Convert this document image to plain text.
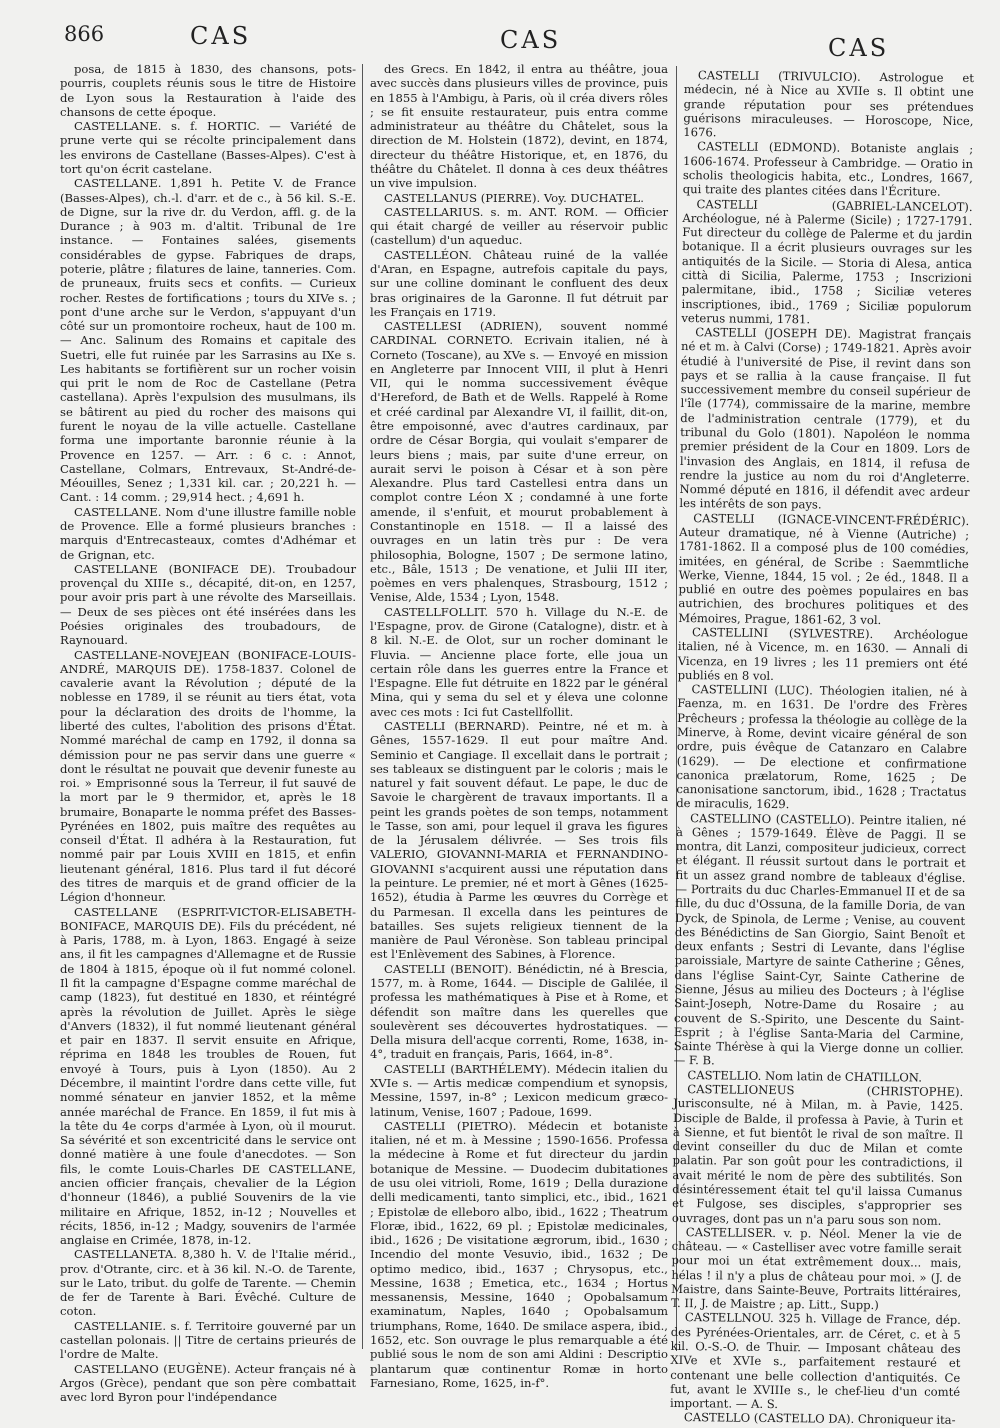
866	CAS	CAS	CAS

posa, de 1815 à 1830, des chansons, pots-pourris, couplets réunis sous le titre de Histoire de Lyon sous la Restauration à l'aide des chansons de cette époque.

CASTELLANE. s. f. HORTIC. — Variété de prune verte qui se récolte principalement dans les environs de Castellane (Basses-Alpes). C'est à tort qu'on écrit castelane.

CASTELLANE. 1,891 h. Petite V. de France (Basses-Alpes), ch.-l. d'arr. et de c., à 56 kil. S.-E. de Digne, sur la rive dr. du Verdon, affl. g. de la Durance ; à 903 m. d'altit. Tribunal de 1re instance. — Fontaines salées, gisements considérables de gypse. Fabriques de draps, poterie, plâtre ; filatures de laine, tanneries. Com. de pruneaux, fruits secs et confits. — Curieux rocher. Restes de fortifications ; tours du XIVe s. ; pont d'une arche sur le Verdon, s'appuyant d'un côté sur un promontoire rocheux, haut de 100 m. — Anc. Salinum des Romains et capitale des Suetri, elle fut ruinée par les Sarrasins au IXe s. Les habitants se fortifièrent sur un rocher voisin qui prit le nom de Roc de Castellane (Petra castellana). Après l'expulsion des musulmans, ils se bâtirent au pied du rocher des maisons qui furent le noyau de la ville actuelle. Castellane forma une importante baronnie réunie à la Provence en 1257. — Arr. : 6 c. : Annot, Castellane, Colmars, Entrevaux, St-André-de-Méouilles, Senez ; 1,331 kil. car. ; 20,221 h. — Cant. : 14 comm. ; 29,914 hect. ; 4,691 h.

CASTELLANE. Nom d'une illustre famille noble de Provence. Elle a formé plusieurs branches : marquis d'Entrecasteaux, comtes d'Adhémar et de Grignan, etc.

CASTELLANE (BONIFACE DE). Troubadour provençal du XIIIe s., décapité, dit-on, en 1257, pour avoir pris part à une révolte des Marseillais. — Deux de ses pièces ont été insérées dans les Poésies originales des troubadours, de Raynouard.

CASTELLANE-NOVEJEAN (BONIFACE-LOUIS-ANDRÉ, MARQUIS DE). 1758-1837. Colonel de cavalerie avant la Révolution ; député de la noblesse en 1789, il se réunit au tiers état, vota pour la déclaration des droits de l'homme, la liberté des cultes, l'abolition des prisons d'État. Nommé maréchal de camp en 1792, il donna sa démission pour ne pas servir dans une guerre « dont le résultat ne pouvait que devenir funeste au roi. » Emprisonné sous la Terreur, il fut sauvé de la mort par le 9 thermidor, et, après le 18 brumaire, Bonaparte le nomma préfet des Basses-Pyrénées en 1802, puis maître des requêtes au conseil d'État. Il adhéra à la Restauration, fut nommé pair par Louis XVIII en 1815, et enfin lieutenant général, 1816. Plus tard il fut décoré des titres de marquis et de grand officier de la Légion d'honneur.

CASTELLANE (ESPRIT-VICTOR-ELISABETH-BONIFACE, MARQUIS DE). Fils du précédent, né à Paris, 1788, m. à Lyon, 1863. Engagé à seize ans, il fit les campagnes d'Allemagne et de Russie de 1804 à 1815, époque où il fut nommé colonel. Il fit la campagne d'Espagne comme maréchal de camp (1823), fut destitué en 1830, et réintégré après la révolution de Juillet. Après le siège d'Anvers (1832), il fut nommé lieutenant général et pair en 1837. Il servit ensuite en Afrique, réprima en 1848 les troubles de Rouen, fut envoyé à Tours, puis à Lyon (1850). Au 2 Décembre, il maintint l'ordre dans cette ville, fut nommé sénateur en janvier 1852, et la même année maréchal de France. En 1859, il fut mis à la tête du 4e corps d'armée à Lyon, où il mourut. Sa sévérité et son excentricité dans le service ont donné matière à une foule d'anecdotes. — Son fils, le comte Louis-Charles DE CASTELLANE, ancien officier français, chevalier de la Légion d'honneur (1846), a publié Souvenirs de la vie militaire en Afrique, 1852, in-12 ; Nouvelles et récits, 1856, in-12 ; Madgy, souvenirs de l'armée anglaise en Crimée, 1878, in-12.

CASTELLANETA. 8,380 h. V. de l'Italie mérid., prov. d'Otrante, circ. et à 36 kil. N.-O. de Tarente, sur le Lato, tribut. du golfe de Tarente. — Chemin de fer de Tarente à Bari. Évêché. Culture de coton.

CASTELLANIE. s. f. Territoire gouverné par un castellan polonais. || Titre de certains prieurés de l'ordre de Malte.

CASTELLANO (EUGÈNE). Acteur français né à Argos (Grèce), pendant que son père combattait avec lord Byron pour l'indépendance

des Grecs. En 1842, il entra au théâtre, joua avec succès dans plusieurs villes de province, puis en 1855 à l'Ambigu, à Paris, où il créa divers rôles ; se fit ensuite restaurateur, puis entra comme administrateur au théâtre du Châtelet, sous la direction de M. Holstein (1872), devint, en 1874, directeur du théâtre Historique, et, en 1876, du théâtre du Châtelet. Il donna à ces deux théâtres un vive impulsion.

CASTELLANUS (PIERRE). Voy. DUCHATEL.

CASTELLARIUS. s. m. ANT. ROM. — Officier qui était chargé de veiller au réservoir public (castellum) d'un aqueduc.

CASTELLÉON. Château ruiné de la vallée d'Aran, en Espagne, autrefois capitale du pays, sur une colline dominant le confluent des deux bras originaires de la Garonne. Il fut détruit par les Français en 1719.

CASTELLESI (ADRIEN), souvent nommé CARDINAL CORNETO. Ecrivain italien, né à Corneto (Toscane), au XVe s. — Envoyé en mission en Angleterre par Innocent VIII, il plut à Henri VII, qui le nomma successivement évêque d'Hereford, de Bath et de Wells. Rappelé à Rome et créé cardinal par Alexandre VI, il faillit, dit-on, être empoisonné, avec d'autres cardinaux, par ordre de César Borgia, qui voulait s'emparer de leurs biens ; mais, par suite d'une erreur, on aurait servi le poison à César et à son père Alexandre. Plus tard Castellesi entra dans un complot contre Léon X ; condamné à une forte amende, il s'enfuit, et mourut probablement à Constantinople en 1518. — Il a laissé des ouvrages en un latin très pur : De vera philosophia, Bologne, 1507 ; De sermone latino, etc., Bâle, 1513 ; De venatione, et Julii III iter, poèmes en vers phalenques, Strasbourg, 1512 ; Venise, Alde, 1534 ; Lyon, 1548.

CASTELLFOLLIT. 570 h. Village du N.-E. de l'Espagne, prov. de Girone (Catalogne), distr. et à 8 kil. N.-E. de Olot, sur un rocher dominant le Fluvia. — Ancienne place forte, elle joua un certain rôle dans les guerres entre la France et l'Espagne. Elle fut détruite en 1822 par le général Mina, qui y sema du sel et y éleva une colonne avec ces mots : Ici fut Castellfollit.

CASTELLI (BERNARD). Peintre, né et m. à Gênes, 1557-1629. Il eut pour maître And. Seminio et Cangiage. Il excellait dans le portrait ; ses tableaux se distinguent par le coloris ; mais le naturel y fait souvent défaut. Le pape, le duc de Savoie le chargèrent de travaux importants. Il a peint les grands poètes de son temps, notamment le Tasse, son ami, pour lequel il grava les figures de la Jérusalem délivrée. — Ses trois fils VALERIO, GIOVANNI-MARIA et FERNANDINO-GIOVANNI s'acquirent aussi une réputation dans la peinture. Le premier, né et mort à Gênes (1625-1652), étudia à Parme les œuvres du Corrège et du Parmesan. Il excella dans les peintures de batailles. Ses sujets religieux tiennent de la manière de Paul Véronèse. Son tableau principal est l'Enlèvement des Sabines, à Florence.

CASTELLI (BENOIT). Bénédictin, né à Brescia, 1577, m. à Rome, 1644. — Disciple de Galilée, il professa les mathématiques à Pise et à Rome, et défendit son maître dans les querelles que soulevèrent ses découvertes hydrostatiques. — Della misura dell'acque correnti, Rome, 1638, in-4°, traduit en français, Paris, 1664, in-8°.

CASTELLI (BARTHÉLEMY). Médecin italien du XVIe s. — Artis medicæ compendium et synopsis, Messine, 1597, in-8° ; Lexicon medicum græco-latinum, Venise, 1607 ; Padoue, 1699.

CASTELLI (PIETRO). Médecin et botaniste italien, né et m. à Messine ; 1590-1656. Professa la médecine à Rome et fut directeur du jardin botanique de Messine. — Duodecim dubitationes de usu olei vitrioli, Rome, 1619 ; Della durazione delli medicamenti, tanto simplici, etc., ibid., 1621 ; Epistolæ de elleboro albo, ibid., 1622 ; Theatrum Floræ, ibid., 1622, 69 pl. ; Epistolæ medicinales, ibid., 1626 ; De visitatione ægrorum, ibid., 1630 ; Incendio del monte Vesuvio, ibid., 1632 ; De optimo medico, ibid., 1637 ; Chrysopus, etc., Messine, 1638 ; Emetica, etc., 1634 ; Hortus messanensis, Messine, 1640 ; Opobalsamum examinatum, Naples, 1640 ; Opobalsamum triumphans, Rome, 1640. De smilace aspera, ibid., 1652, etc. Son ouvrage le plus remarquable a été publié sous le nom de son ami Aldini : Descriptio plantarum quæ continentur Romæ in horto Farnesiano, Rome, 1625, in-f°.

CASTELLI (TRIVULCIO). Astrologue et médecin, né à Nice au XVIIe s. Il obtint une grande réputation pour ses prétendues guérisons miraculeuses. — Horoscope, Nice, 1676.

CASTELLI (EDMOND). Botaniste anglais ; 1606-1674. Professeur à Cambridge. — Oratio in scholis theologicis habita, etc., Londres, 1667, qui traite des plantes citées dans l'Écriture.

CASTELLI (GABRIEL-LANCELOT). Archéologue, né à Palerme (Sicile) ; 1727-1791. Fut directeur du collège de Palerme et du jardin botanique. Il a écrit plusieurs ouvrages sur les antiquités de la Sicile. — Storia di Alesa, antica città di Sicilia, Palerme, 1753 ; Inscrizioni palermitane, ibid., 1758 ; Siciliæ veteres inscriptiones, ibid., 1769 ; Siciliæ populorum veterus nummi, 1781.

CASTELLI (JOSEPH DE). Magistrat français né et m. à Calvi (Corse) ; 1749-1821. Après avoir étudié à l'université de Pise, il revint dans son pays et se rallia à la cause française. Il fut successivement membre du conseil supérieur de l'île (1774), commissaire de la marine, membre de l'administration centrale (1779), et du tribunal du Golo (1801). Napoléon le nomma premier président de la Cour en 1809. Lors de l'invasion des Anglais, en 1814, il refusa de rendre la justice au nom du roi d'Angleterre. Nommé député en 1816, il défendit avec ardeur les intérêts de son pays.

CASTELLI (IGNACE-VINCENT-FRÉDÉRIC). Auteur dramatique, né à Vienne (Autriche) ; 1781-1862. Il a composé plus de 100 comédies, imitées, en général, de Scribe : Saemmtliche Werke, Vienne, 1844, 15 vol. ; 2e éd., 1848. Il a publié en outre des poèmes populaires en bas autrichien, des brochures politiques et des Mémoires, Prague, 1861-62, 3 vol.

CASTELLINI (SYLVESTRE). Archéologue italien, né à Vicence, m. en 1630. — Annali di Vicenza, en 19 livres ; les 11 premiers ont été publiés en 8 vol.

CASTELLINI (LUC). Théologien italien, né à Faenza, m. en 1631. De l'ordre des Frères Prêcheurs ; professa la théologie au collège de la Minerve, à Rome, devint vicaire général de son ordre, puis évêque de Catanzaro en Calabre (1629). — De electione et confirmatione canonica prælatorum, Rome, 1625 ; De canonisatione sanctorum, ibid., 1628 ; Tractatus de miraculis, 1629.

CASTELLINO (CASTELLO). Peintre italien, né à Gênes ; 1579-1649. Élève de Paggi. Il se montra, dit Lanzi, compositeur judicieux, correct et élégant. Il réussit surtout dans le portrait et fit un assez grand nombre de tableaux d'église. — Portraits du duc Charles-Emmanuel II et de sa fille, du duc d'Ossuna, de la famille Doria, de van Dyck, de Spinola, de Lerme ; Venise, au couvent des Bénédictins de San Giorgio, Saint Benoît et deux enfants ; Sestri di Levante, dans l'église paroissiale, Martyre de sainte Catherine ; Gênes, dans l'église Saint-Cyr, Sainte Catherine de Sienne, Jésus au milieu des Docteurs ; à l'église Saint-Joseph, Notre-Dame du Rosaire ; au couvent de S.-Spirito, une Descente du Saint-Esprit ; à l'église Santa-Maria del Carmine, Sainte Thérèse à qui la Vierge donne un collier. — F. B.

CASTELLIO. Nom latin de CHATILLON.

CASTELLIONEUS (CHRISTOPHE). Jurisconsulte, né à Milan, m. à Pavie, 1425. Disciple de Balde, il professa à Pavie, à Turin et à Sienne, et fut bientôt le rival de son maître. Il devint conseiller du duc de Milan et comte palatin. Par son goût pour les contradictions, il avait mérité le nom de père des subtilités. Son désintéressement était tel qu'il laissa Cumanus et Fulgose, ses disciples, s'approprier ses ouvrages, dont pas un n'a paru sous son nom.

CASTELLISER. v. p. Néol. Mener la vie de château. — « Castelliser avec votre famille serait pour moi un état extrêmement doux... mais, hélas ! il n'y a plus de château pour moi. » (J. de Maistre, dans Sainte-Beuve, Portraits littéraires, T. II, J. de Maistre ; ap. Litt., Supp.)

CASTELLNOU. 325 h. Village de France, dép. des Pyrénées-Orientales, arr. de Céret, c. et à 5 kil. O.-S.-O. de Thuir. — Imposant château des XIVe et XVIe s., parfaitement restauré et contenant une belle collection d'antiquités. Ce fut, avant le XVIIIe s., le chef-lieu d'un comté important. — A. S.

CASTELLO (CASTELLO DA). Chroniqueur ita-
